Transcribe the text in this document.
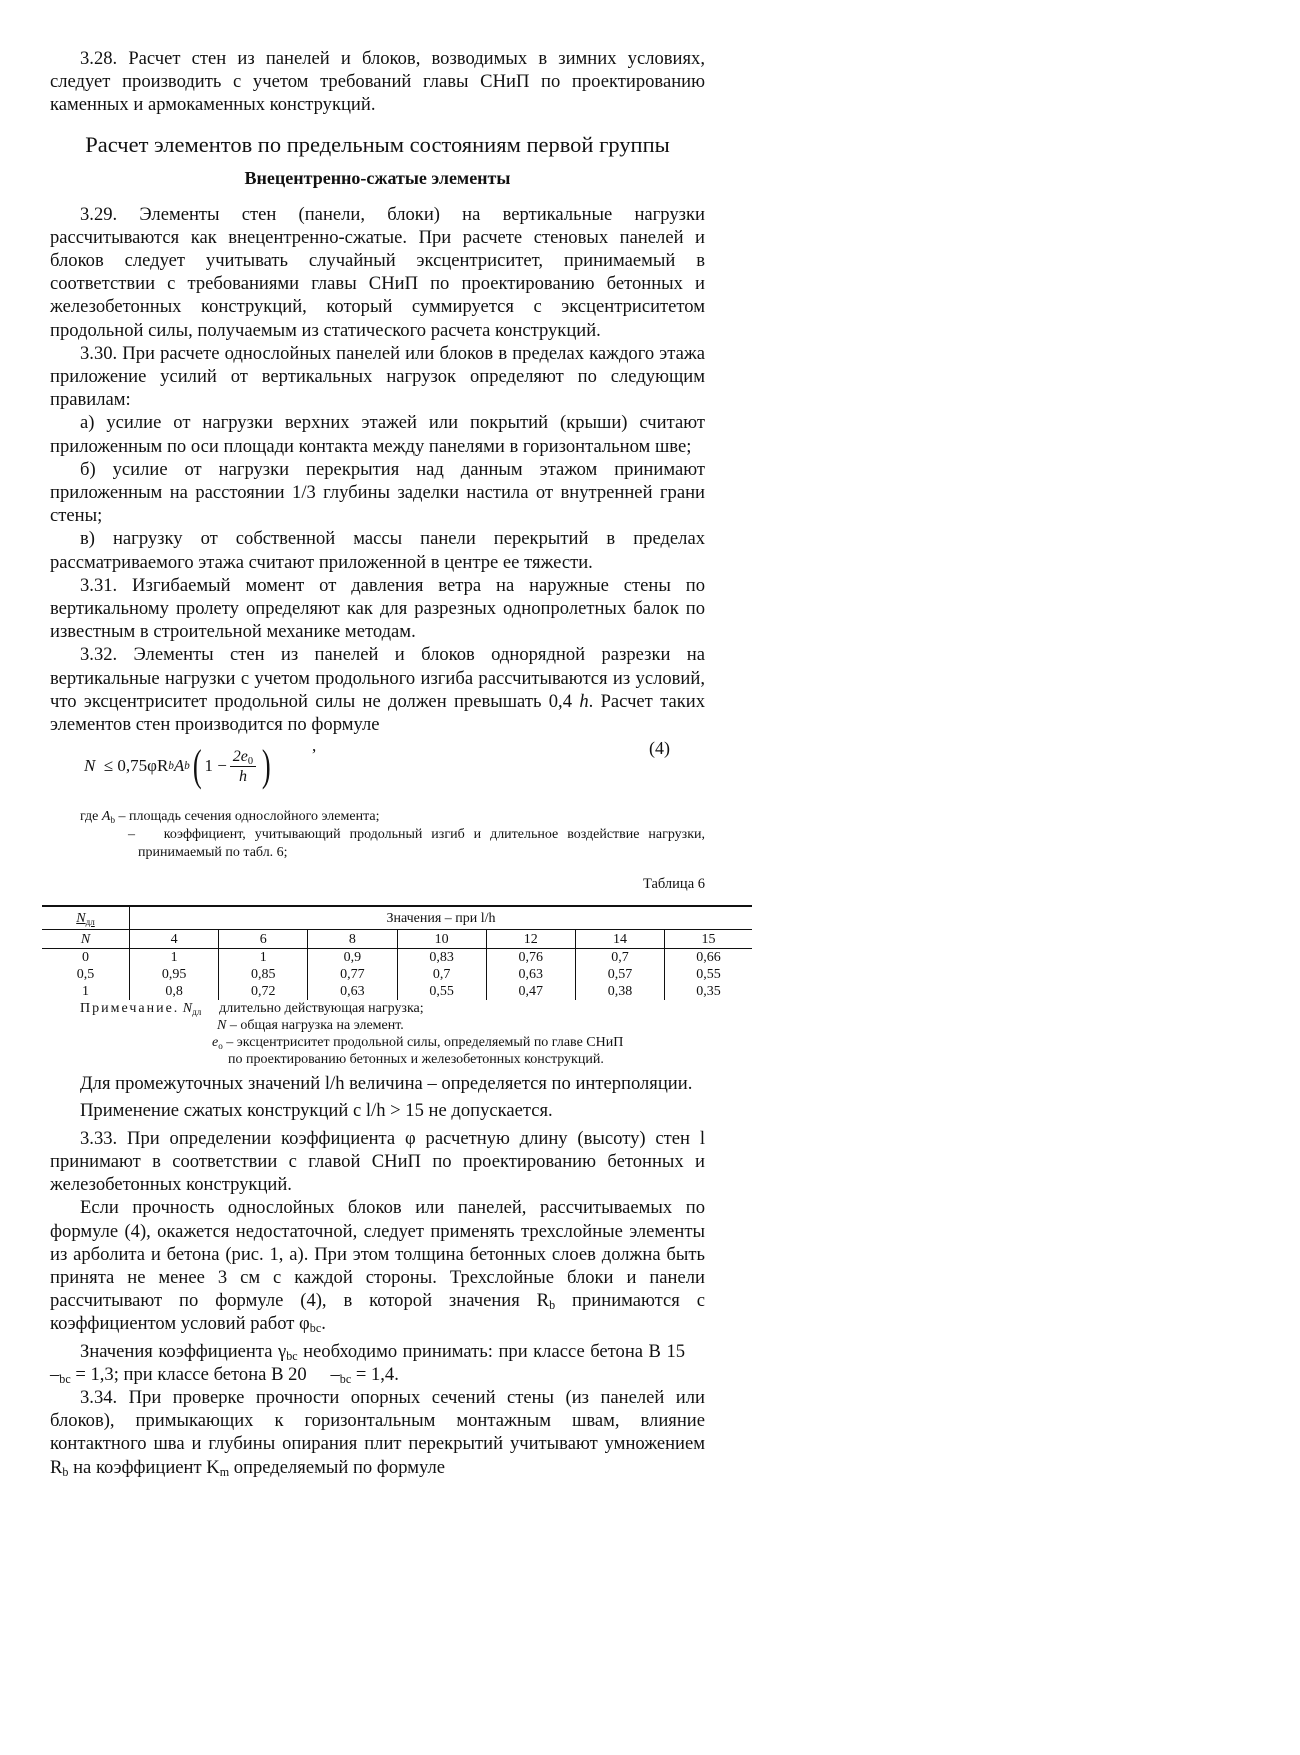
3.28. Расчет стен из панелей и блоков, возводимых в зимних условиях, следует производить с учетом требований главы СНиП по проектированию каменных и армокаменных конструкций.

Расчет элементов по предельным состояниям первой группы
Внецентренно-сжатые элементы

3.29. Элементы стен (панели, блоки) на вертикальные нагрузки рассчитываются как внецентренно-сжатые. При расчете стеновых панелей и блоков следует учитывать случайный эксцентриситет, принимаемый в соответствии с требованиями главы СНиП по проектированию бетонных и железобетонных конструкций, который суммируется с эксцентриситетом продольной силы, получаемым из статического расчета конструкций.

3.30. При расчете однослойных панелей или блоков в пределах каждого этажа приложение усилий от вертикальных нагрузок определяют по следующим правилам:

а) усилие от нагрузки верхних этажей или покрытий (крыши) считают приложенным по оси площади контакта между панелями в горизонтальном шве;

б) усилие от нагрузки перекрытия над данным этажом принимают приложенным на расстоянии 1/3 глубины заделки настила от внутренней грани стены;

в) нагрузку от собственной массы панели перекрытий в пределах рассматриваемого этажа считают приложенной в центре ее тяжести.

3.31. Изгибаемый момент от давления ветра на наружные стены по вертикальному пролету определяют как для разрезных однопролетных балок по известным в строительной механике методам.

3.32. Элементы стен из панелей и блоков однорядной разрезки на вертикальные нагрузки с учетом продольного изгиба рассчитываются из условий, что эксцентриситет продольной силы не должен превышать 0,4 h. Расчет таких элементов стен производится по формуле

N
≤ 0,75φR b A b ( $1 - \frac{2e_0}{h}$ ) ,	(4)
где $A_b$ – площадь сечения однослойного элемента;
–   коэффициент, учитывающий продольный изгиб и длительное воздействие нагрузки, принимаемый по табл. 6;
Таблица 6
$N_{дл}$	Значения – при l/h						
N	4	6	8	10	12	14	15
0	1	1	0,9	0,83	0,76	0,7	0,66
0,5	0,95	0,85	0,77	0,7	0,63	0,57	0,55
1	0,8	0,72	0,63	0,55	0,47	0,38	0,35
Примечание. $N_{дл}$   длительно действующая нагрузка;
N – общая нагрузка на элемент.
$e_o$ – эксцентриситет продольной силы, определяемый по главе СНиП
по проектированию бетонных и железобетонных конструкций.

Для промежуточных значений l/h величина – определяется по интерполяции.

Применение сжатых конструкций с l/h > 15 не допускается.

3.33. При определении коэффициента φ расчетную длину (высоту) стен l принимают в соответствии с главой СНиП по проектированию бетонных и железобетонных конструкций.

Если прочность однослойных блоков или панелей, рассчитываемых по формуле (4), окажется недостаточной, следует применять трехслойные элементы из арболита и бетона (рис. 1, а). При этом толщина бетонных слоев должна быть принята не менее 3 см с каждой стороны. Трехслойные блоки и панели рассчитывают по формуле (4), в которой значения $R_b$ принимаются с коэффициентом условий работ $\varphi_{bc}$.

Значения коэффициента $\gamma_{bc}$ необходимо принимать: при классе бетона В 15   $-_{bc} = 1,3$; при классе бетона В 20   $-_{bc} = 1,4$.

3.34. При проверке прочности опорных сечений стены (из панелей или блоков), примыкающих к горизонтальным монтажным швам, влияние контактного шва и глубины опирания плит перекрытий учитывают умножением $R_b$ на коэффициент $K_m$ определяемый по формуле
